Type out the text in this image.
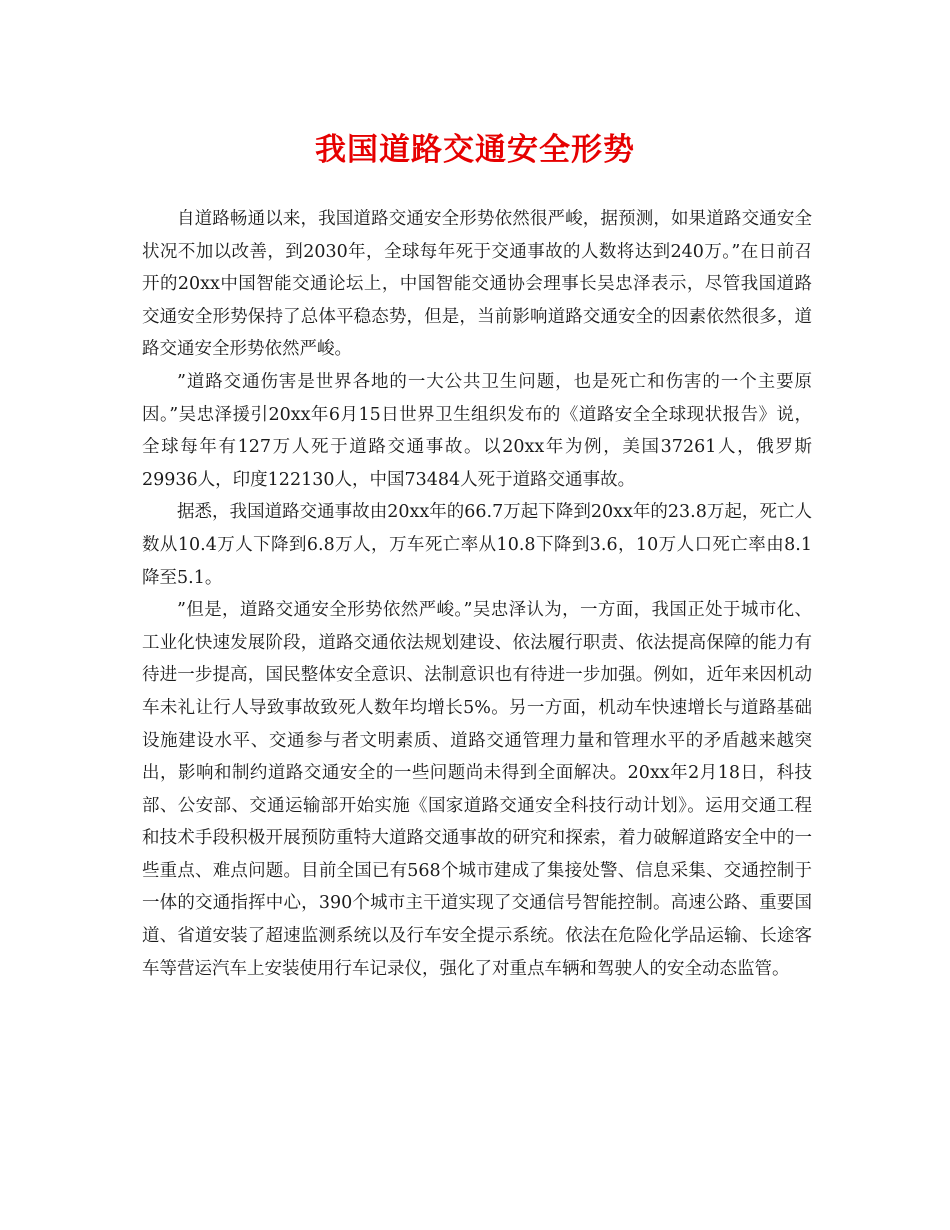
我国道路交通安全形势

自道路畅通以来，我国道路交通安全形势依然很严峻，据预测，如果道路交通安全状况不加以改善，到2030年，全球每年死于交通事故的人数将达到240万。”在日前召开的20xx中国智能交通论坛上，中国智能交通协会理事长吴忠泽表示，尽管我国道路交通安全形势保持了总体平稳态势，但是，当前影响道路交通安全的因素依然很多，道路交通安全形势依然严峻。

”道路交通伤害是世界各地的一大公共卫生问题，也是死亡和伤害的一个主要原因。”吴忠泽援引20xx年6月15日世界卫生组织发布的《道路安全全球现状报告》说，全球每年有127万人死于道路交通事故。以20xx年为例，美国37261人，俄罗斯29936人，印度122130人，中国73484人死于道路交通事故。

据悉，我国道路交通事故由20xx年的66.7万起下降到20xx年的23.8万起，死亡人数从10.4万人下降到6.8万人，万车死亡率从10.8下降到3.6，10万人口死亡率由8.1降至5.1。

”但是，道路交通安全形势依然严峻。”吴忠泽认为，一方面，我国正处于城市化、工业化快速发展阶段，道路交通依法规划建设、依法履行职责、依法提高保障的能力有待进一步提高，国民整体安全意识、法制意识也有待进一步加强。例如，近年来因机动车未礼让行人导致事故致死人数年均增长5%。另一方面，机动车快速增长与道路基础设施建设水平、交通参与者文明素质、道路交通管理力量和管理水平的矛盾越来越突出，影响和制约道路交通安全的一些问题尚未得到全面解决。20xx年2月18日，科技部、公安部、交通运输部开始实施《国家道路交通安全科技行动计划》。运用交通工程和技术手段积极开展预防重特大道路交通事故的研究和探索，着力破解道路安全中的一些重点、难点问题。目前全国已有568个城市建成了集接处警、信息采集、交通控制于一体的交通指挥中心，390个城市主干道实现了交通信号智能控制。高速公路、重要国道、省道安装了超速监测系统以及行车安全提示系统。依法在危险化学品运输、长途客车等营运汽车上安装使用行车记录仪，强化了对重点车辆和驾驶人的安全动态监管。
